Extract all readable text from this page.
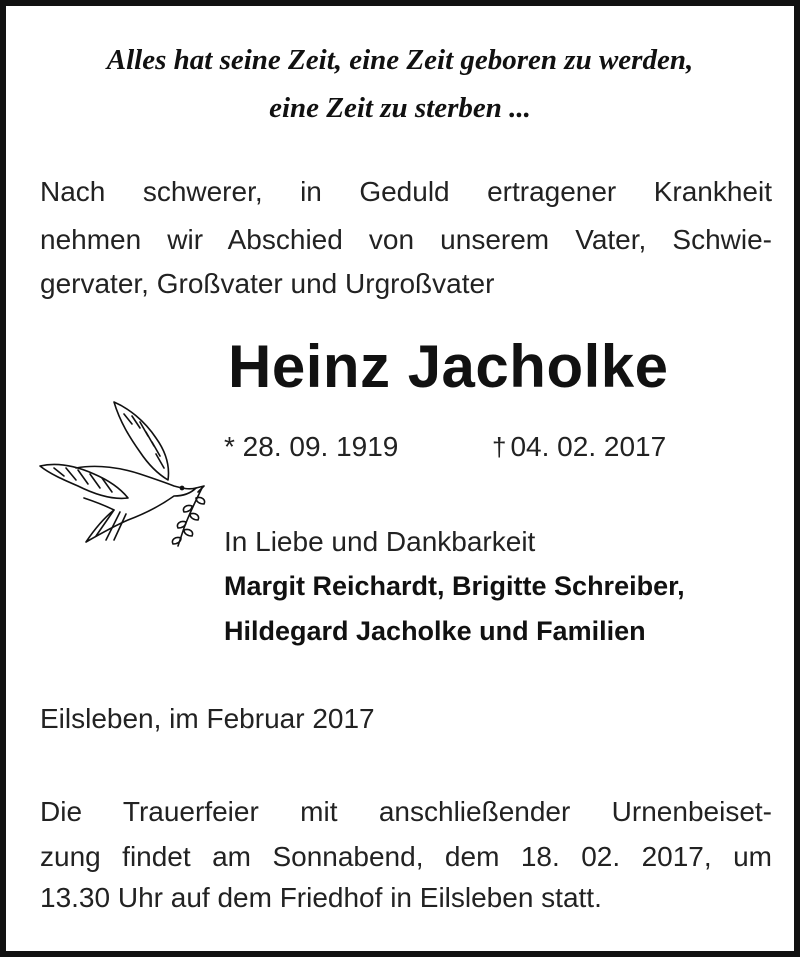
Alles hat seine Zeit, eine Zeit geboren zu werden,
eine Zeit zu sterben ...
Nach schwerer, in Geduld ertragener Krankheit
nehmen wir Abschied von unserem Vater, Schwie-
gervater, Großvater und Urgroßvater
Heinz Jacholke
* 28. 09. 1919	† 04. 02. 2017
In Liebe und Dankbarkeit
Margit Reichardt, Brigitte Schreiber,
Hildegard Jacholke und Familien
Eilsleben, im Februar 2017
Die Trauerfeier mit anschließender Urnenbeiset-
zung findet am Sonnabend, dem 18. 02. 2017, um
13.30 Uhr auf dem Friedhof in Eilsleben statt.
